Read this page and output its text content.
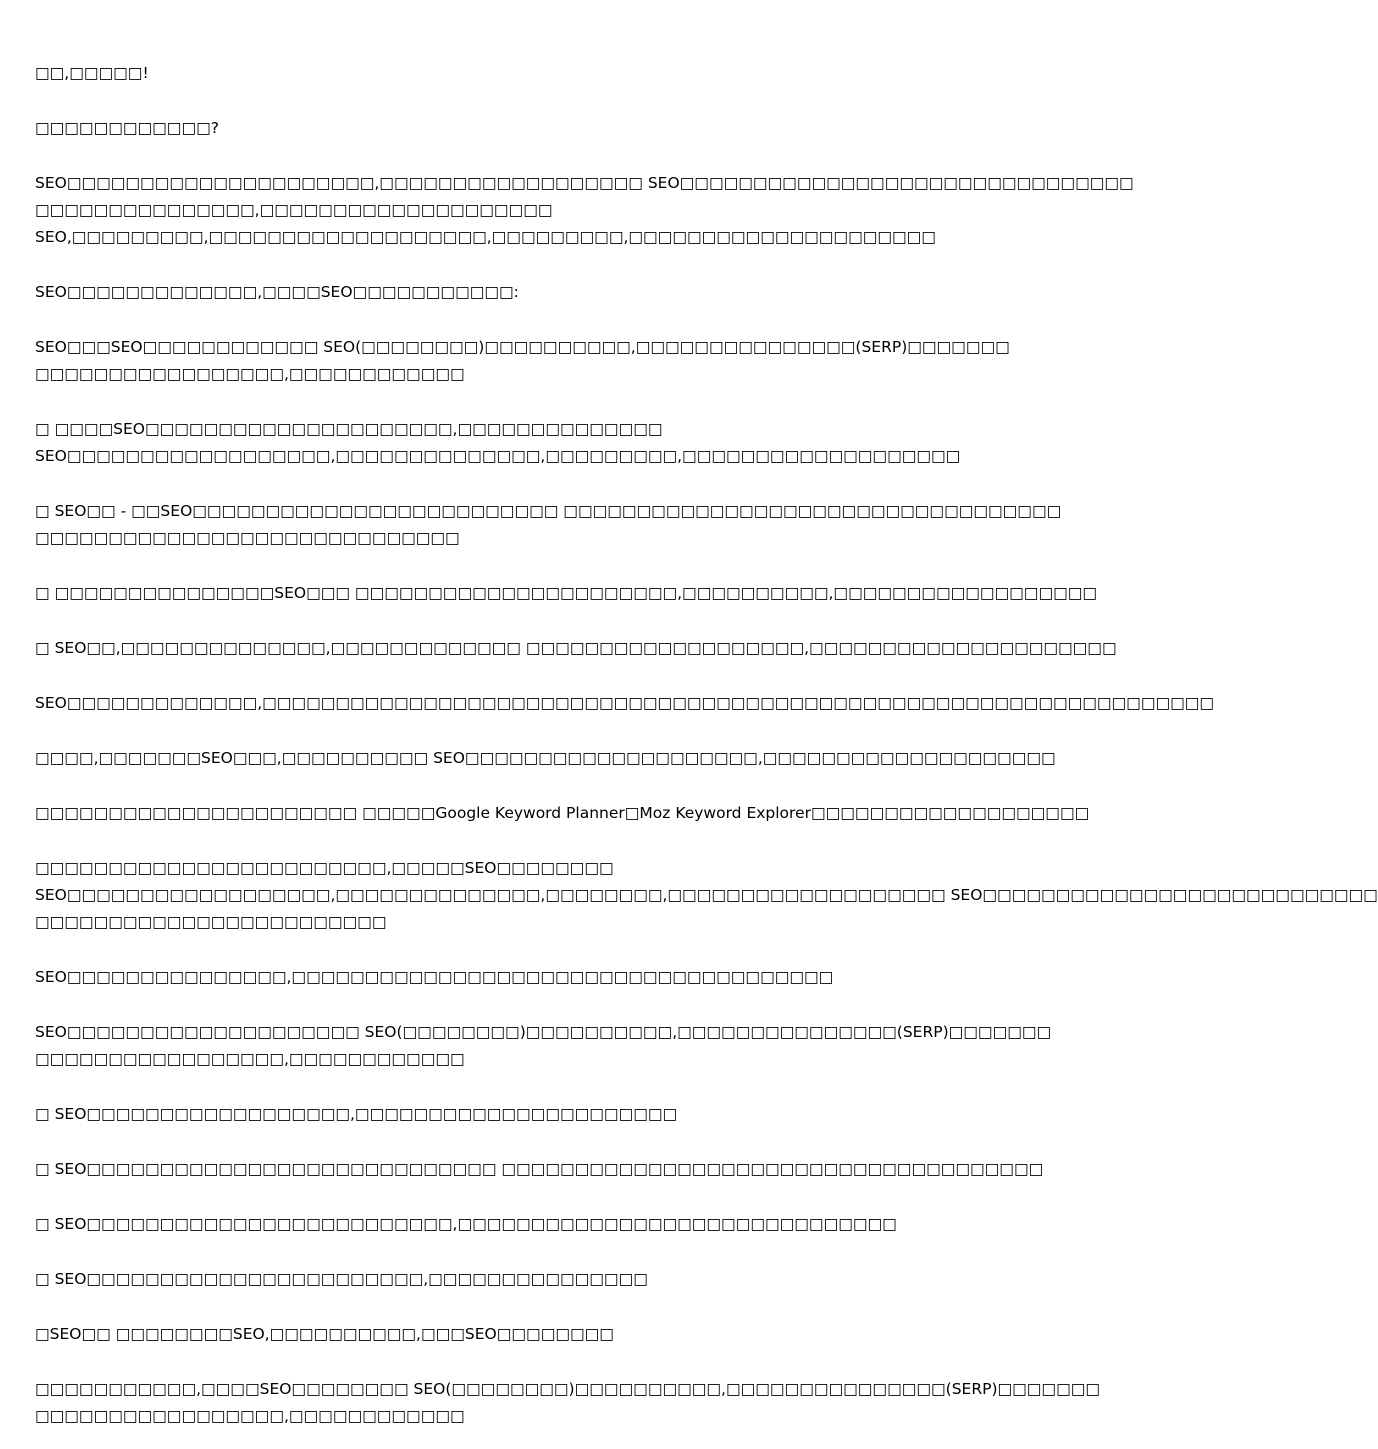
□□,□□□□□!

□□□□□□□□□□□□?

SEO□□□□□□□□□□□□□□□□□□□□□,□□□□□□□□□□□□□□□□□□ SEO□□□□□□□□□□□□□□□□□□□□□□□□□□□□□□□
□□□□□□□□□□□□□□□,□□□□□□□□□□□□□□□□□□□□
SEO,□□□□□□□□□,□□□□□□□□□□□□□□□□□□□,□□□□□□□□□,□□□□□□□□□□□□□□□□□□□□□

SEO□□□□□□□□□□□□□,□□□□SEO□□□□□□□□□□□:

SEO□□□SEO□□□□□□□□□□□□ SEO(□□□□□□□□)□□□□□□□□□□,□□□□□□□□□□□□□□□(SERP)□□□□□□□
□□□□□□□□□□□□□□□□□,□□□□□□□□□□□□

□ □□□□SEO□□□□□□□□□□□□□□□□□□□□□,□□□□□□□□□□□□□□
SEO□□□□□□□□□□□□□□□□□□,□□□□□□□□□□□□□□,□□□□□□□□□,□□□□□□□□□□□□□□□□□□□

□ SEO□□ - □□SEO□□□□□□□□□□□□□□□□□□□□□□□□□ □□□□□□□□□□□□□□□□□□□□□□□□□□□□□□□□□□
□□□□□□□□□□□□□□□□□□□□□□□□□□□□□

□ □□□□□□□□□□□□□□□SEO□□□ □□□□□□□□□□□□□□□□□□□□□□,□□□□□□□□□□,□□□□□□□□□□□□□□□□□□

□ SEO□□,□□□□□□□□□□□□□□,□□□□□□□□□□□□□ □□□□□□□□□□□□□□□□□□□,□□□□□□□□□□□□□□□□□□□□□

SEO□□□□□□□□□□□□□,□□□□□□□□□□□□□□□□□□□□□□□□□□□□□□□□□□□□□□□□□□□□□□□□□□□□□□□□□□□□□□□□□

□□□□,□□□□□□□SEO□□□,□□□□□□□□□□ SEO□□□□□□□□□□□□□□□□□□□□,□□□□□□□□□□□□□□□□□□□□

□□□□□□□□□□□□□□□□□□□□□□ □□□□□Google Keyword Planner□Moz Keyword Explorer□□□□□□□□□□□□□□□□□□□

□□□□□□□□□□□□□□□□□□□□□□□□,□□□□□SEO□□□□□□□□
SEO□□□□□□□□□□□□□□□□□□,□□□□□□□□□□□□□□,□□□□□□□□,□□□□□□□□□□□□□□□□□□□ SEO□□□□□□□□□□□□□□□□□□□□□□□□□□□
□□□□□□□□□□□□□□□□□□□□□□□□

SEO□□□□□□□□□□□□□□□,□□□□□□□□□□□□□□□□□□□□□□□□□□□□□□□□□□□□□

SEO□□□□□□□□□□□□□□□□□□□□ SEO(□□□□□□□□)□□□□□□□□□□,□□□□□□□□□□□□□□□(SERP)□□□□□□□
□□□□□□□□□□□□□□□□□,□□□□□□□□□□□□

□ SEO□□□□□□□□□□□□□□□□□□,□□□□□□□□□□□□□□□□□□□□□□

□ SEO□□□□□□□□□□□□□□□□□□□□□□□□□□□□ □□□□□□□□□□□□□□□□□□□□□□□□□□□□□□□□□□□□□

□ SEO□□□□□□□□□□□□□□□□□□□□□□□□□,□□□□□□□□□□□□□□□□□□□□□□□□□□□□□□

□ SEO□□□□□□□□□□□□□□□□□□□□□□□,□□□□□□□□□□□□□□□

□SEO□□ □□□□□□□□SEO,□□□□□□□□□□,□□□SEO□□□□□□□□

□□□□□□□□□□□,□□□□SEO□□□□□□□□ SEO(□□□□□□□□)□□□□□□□□□□,□□□□□□□□□□□□□□□(SERP)□□□□□□□
□□□□□□□□□□□□□□□□□,□□□□□□□□□□□□
